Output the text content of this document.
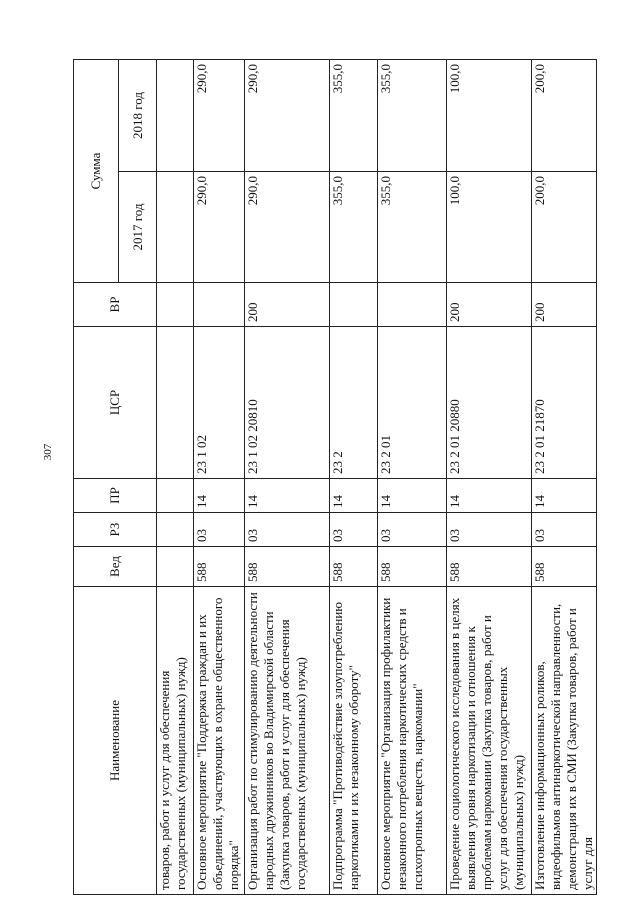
307
Наименование	Вед	РЗ	ПР	ЦСР	ВР	Сумма	
						2017 год	2018 год
товаров, работ и услуг для обеспечения государственных (муниципальных) нужд)							
Основное мероприятие "Поддержка граждан и их объединений, участвующих в охране общественного порядка"	588	03	14	23 1 02		290,0	290,0
Организация работ по стимулированию деятельности народных дружинников во Владимирской области (Закупка товаров, работ и услуг для обеспечения государственных (муниципальных) нужд)	588	03	14	23 1 02 20810	200	290,0	290,0
Подпрограмма "Противодействие злоупотреблению наркотиками и их незаконному обороту"	588	03	14	23 2		355,0	355,0
Основное мероприятие "Организация профилактики незаконного потребления наркотических средств и психотропных веществ, наркомании"	588	03	14	23 2 01		355,0	355,0
Проведение социологического исследования в целях выявления уровня наркотизации и отношения к проблемам наркомании (Закупка товаров, работ и услуг для обеспечения государственных (муниципальных) нужд)	588	03	14	23 2 01 20880	200	100,0	100,0
Изготовление информационных роликов, видеофильмов антинаркотической направленности, демонстрация их в СМИ (Закупка товаров, работ и услуг для	588	03	14	23 2 01 21870	200	200,0	200,0
